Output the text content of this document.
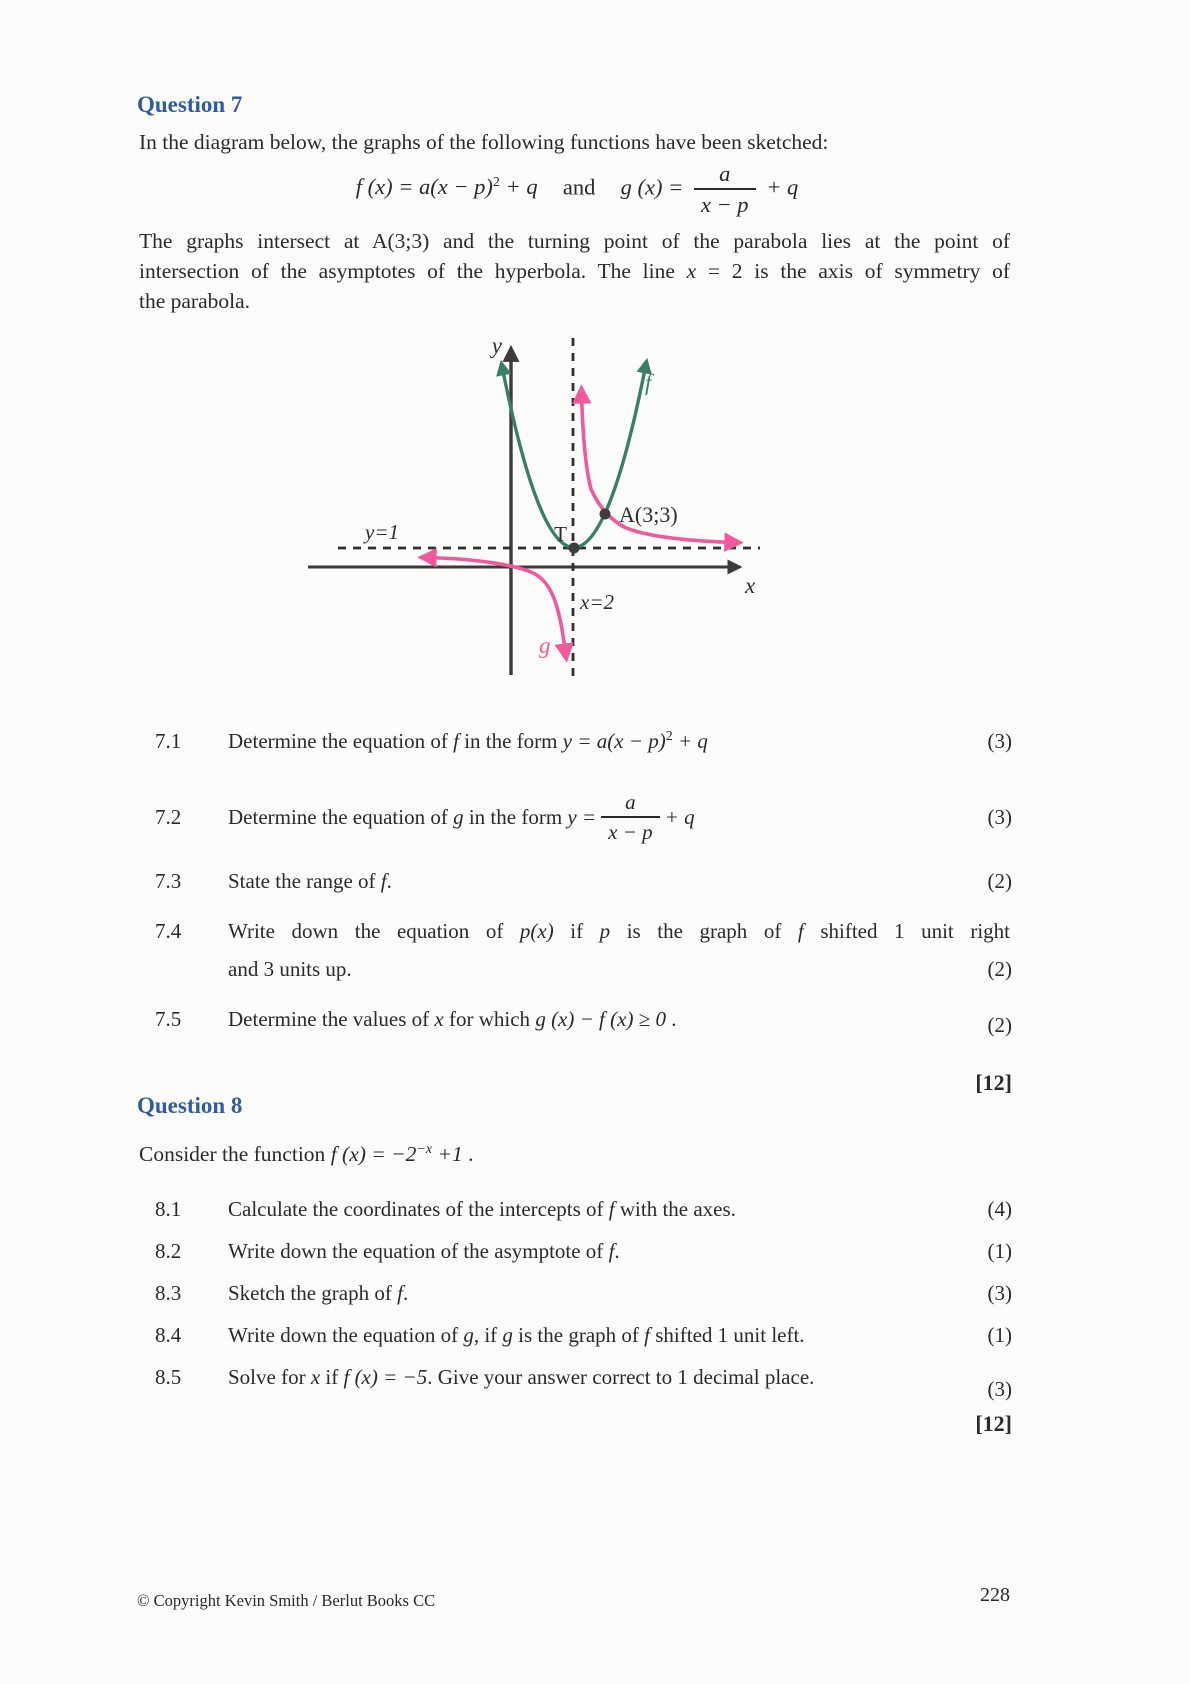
Question 7
In the diagram below, the graphs of the following functions have been sketched:
f $(x) = a(x - p)^2 + q$ and g $(x) = \frac{a}{x - p} + q$
The graphs intersect at A(3;3) and the turning point of the parabola lies at the point of
intersection of the asymptotes of the hyperbola. The line x = 2 is the axis of symmetry of
the parabola.
y
x
y=1
x=2
T
A(3;3)
f
g
7.1 Determine the equation of f in the form $y = a(x - p)^2 + q$	(3)
7.2 Determine the equation of g in the form $y = \frac{a}{x - p} + q$	(3)
7.3 State the range of f.	(2)
7.4 Write down the equation of p(x) if p is the graph of f shifted 1 unit right
and 3 units up.	(2)
7.5 Determine the values of x for which g (x) − f (x) ≥ 0 .	(2)
[12]
Question 8
Consider the function f $(x) = -2^{-x} +1$ .
8.1 Calculate the coordinates of the intercepts of f with the axes.	(4)
8.2 Write down the equation of the asymptote of f.	(1)
8.3 Sketch the graph of f.	(3)
8.4 Write down the equation of g, if g is the graph of f shifted 1 unit left.	(1)
8.5 Solve for x if f (x) = −5. Give your answer correct to 1 decimal place.	(3)
[12]
© Copyright Kevin Smith / Berlut Books CC	228
